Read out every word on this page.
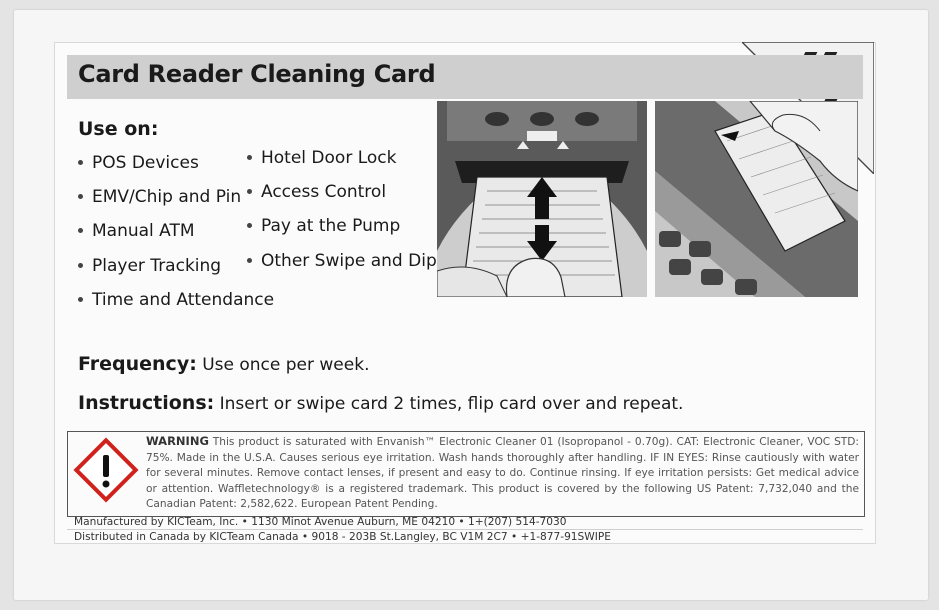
Card Reader Cleaning Card
Use on:
POS Devices
EMV/Chip and Pin
Manual ATM
Player Tracking
Time and Attendance
Hotel Door Lock
Access Control
Pay at the Pump
Other Swipe and Dip
Frequency: Use once per week.
Instructions: Insert or swipe card 2 times, flip card over and repeat.
WARNING This product is saturated with Envanish™ Electronic Cleaner 01 (Isopropanol - 0.70g). CAT: Electronic Cleaner, VOC STD: 75%. Made in the U.S.A. Causes serious eye irritation. Wash hands thoroughly after handling. IF IN EYES: Rinse cautiously with water for several minutes. Remove contact lenses, if present and easy to do. Continue rinsing. If eye irritation persists: Get medical advice or attention. Waffletechnology® is a registered trademark. This product is covered by the following US Patent: 7,732,040 and the Canadian Patent: 2,582,622. European Patent Pending.
Manufactured by KICTeam, Inc. • 1130 Minot Avenue Auburn, ME 04210 • 1+(207) 514-7030
Distributed in Canada by KICTeam Canada • 9018 - 203B St.Langley, BC V1M 2C7 • +1-877-91SWIPE
